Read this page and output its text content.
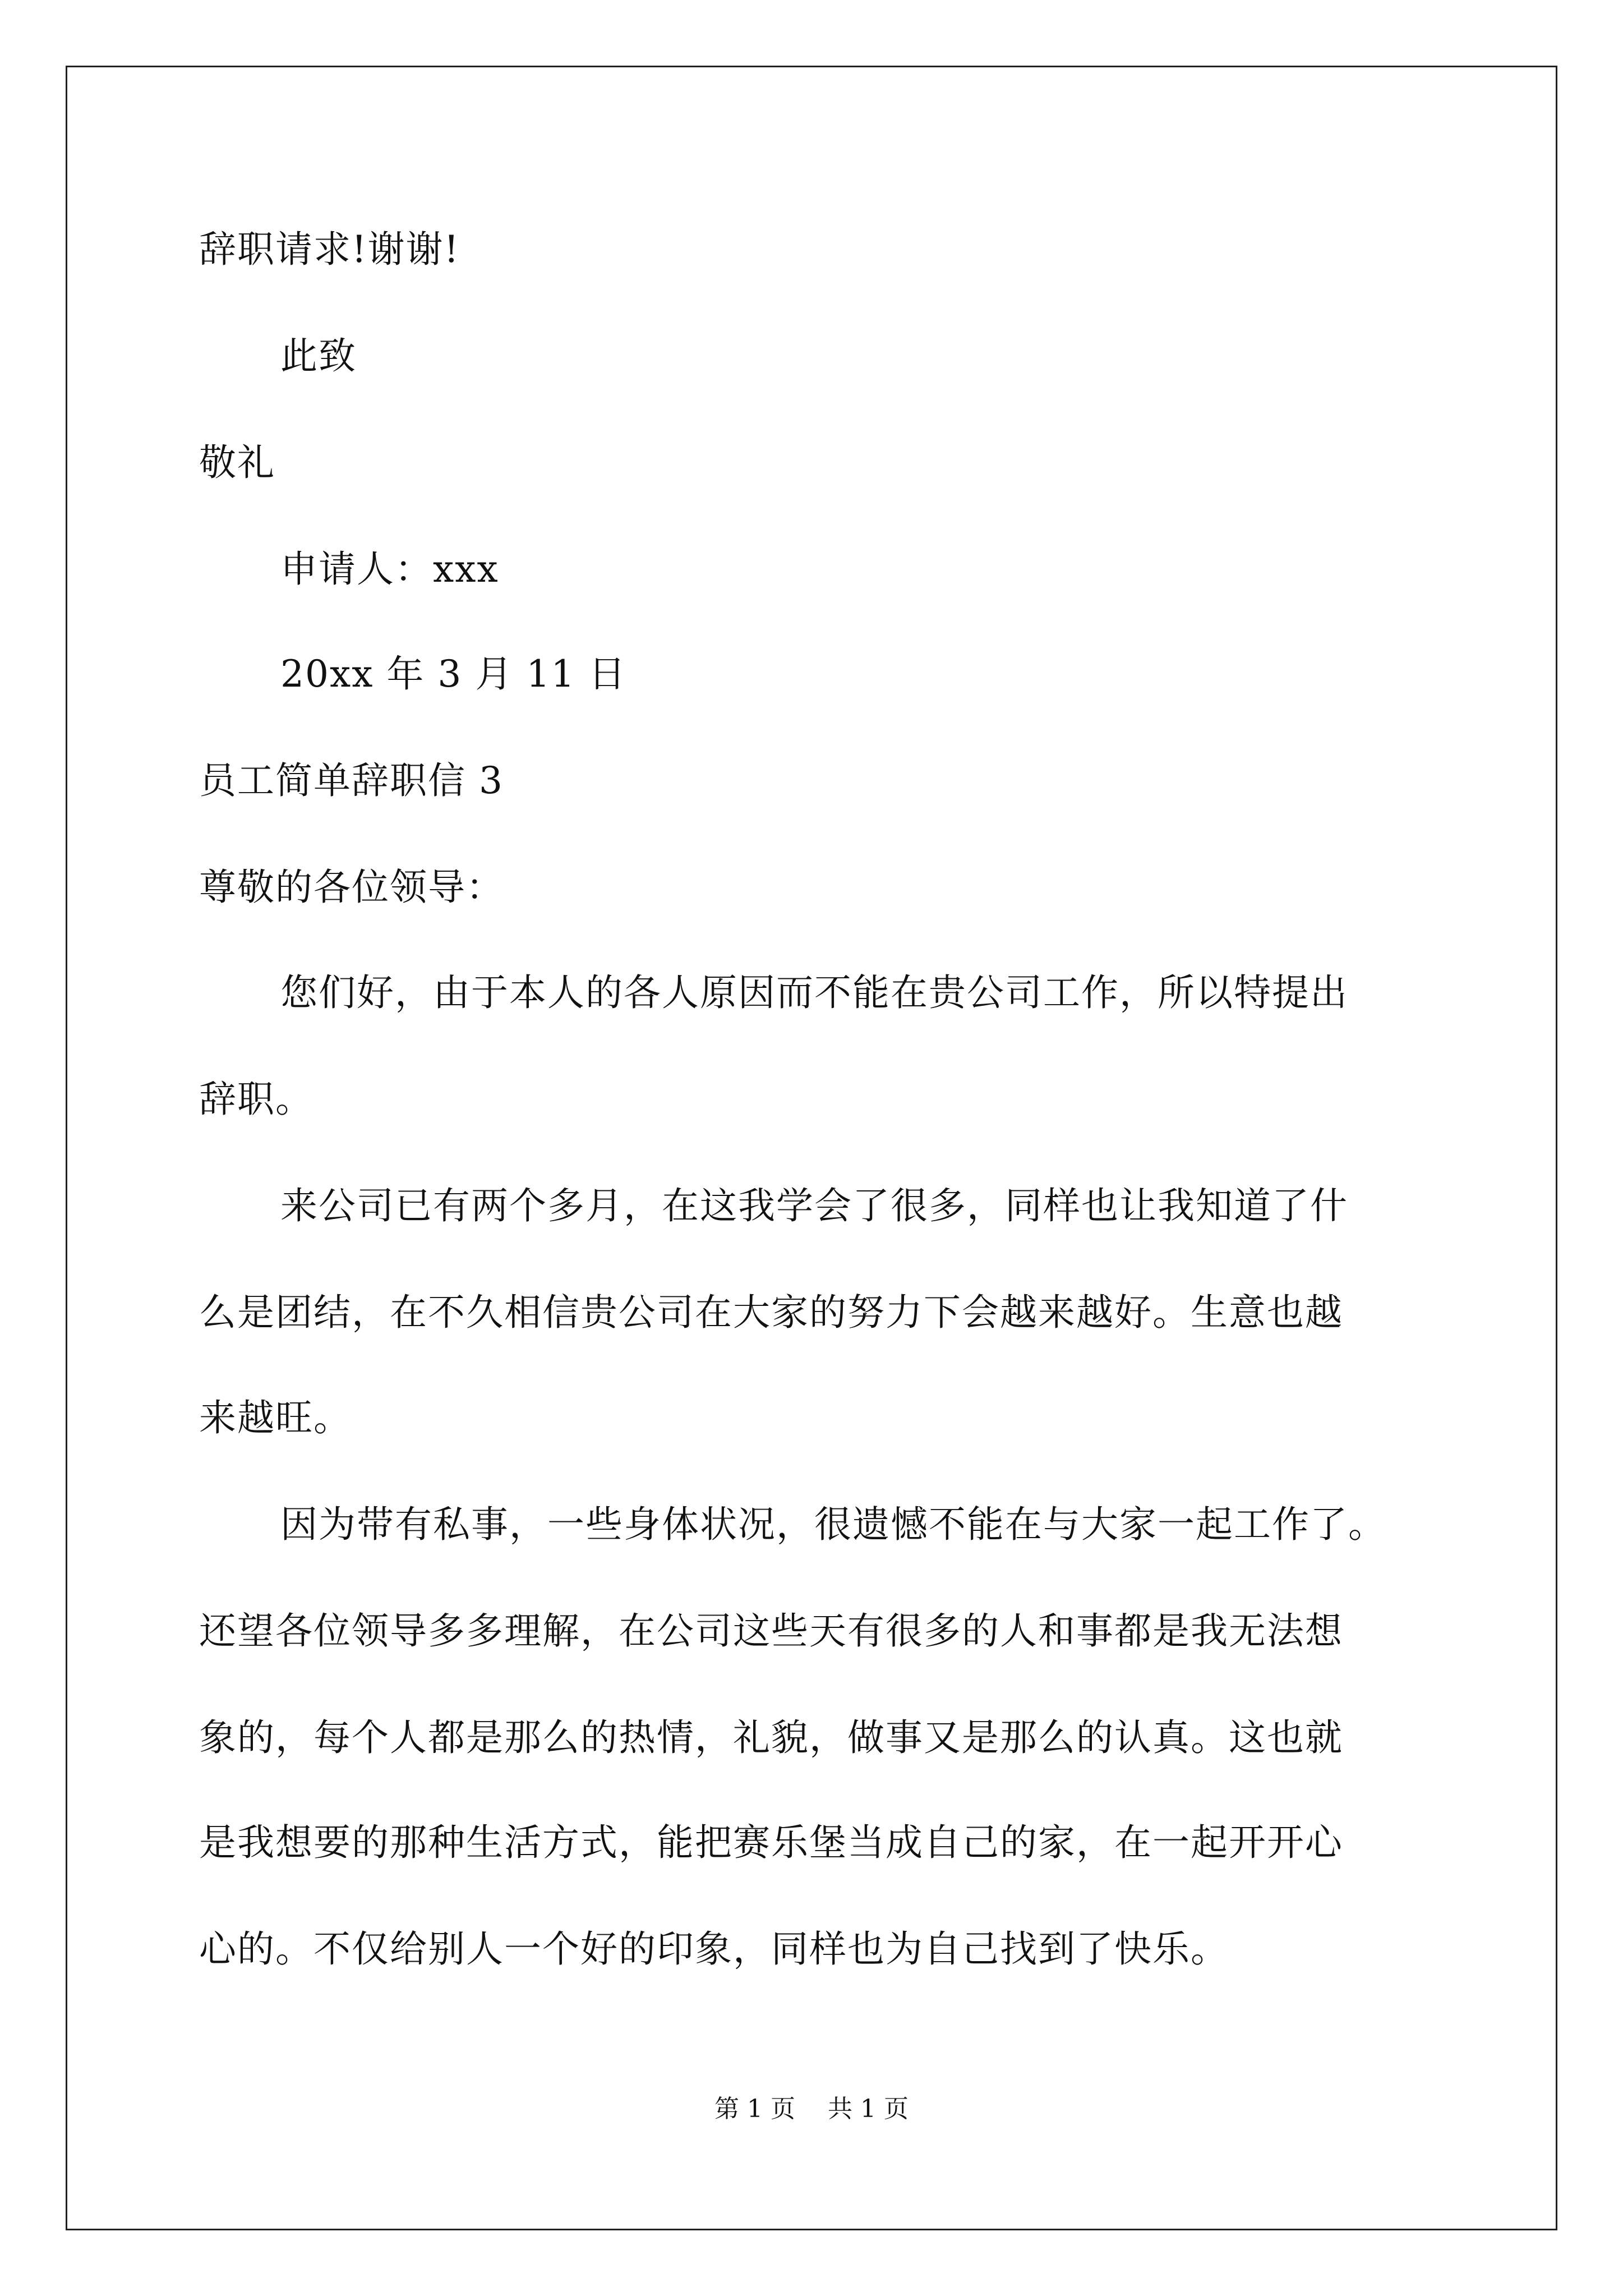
辞职请求!谢谢!
此致
敬礼
申请人：xxx
20xx 年 3 月 11 日
员工简单辞职信 3
尊敬的各位领导：
您们好，由于本人的各人原因而不能在贵公司工作，所以特提出
辞职。
来公司已有两个多月，在这我学会了很多，同样也让我知道了什
么是团结，在不久相信贵公司在大家的努力下会越来越好。生意也越
来越旺。
因为带有私事，一些身体状况，很遗憾不能在与大家一起工作了。
还望各位领导多多理解，在公司这些天有很多的人和事都是我无法想
象的，每个人都是那么的热情，礼貌，做事又是那么的认真。这也就
是我想要的那种生活方式，能把赛乐堡当成自己的家，在一起开开心
心的。不仅给别人一个好的印象，同样也为自己找到了快乐。
第 1 页 共 1 页
